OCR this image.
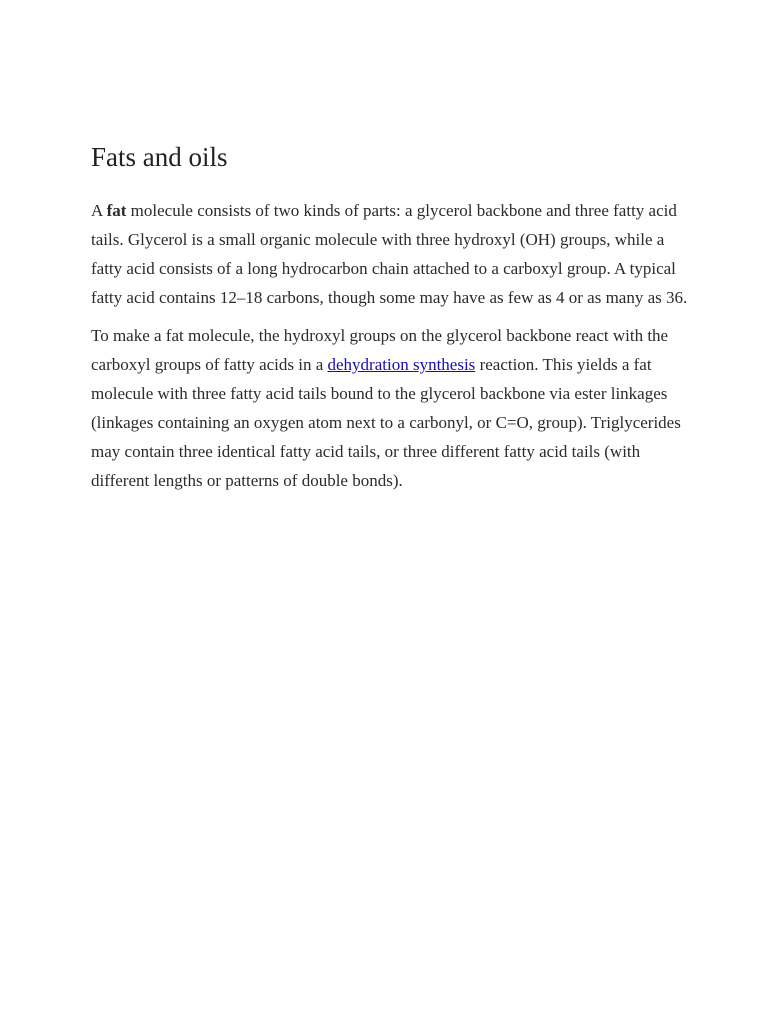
Fats and oils

A fat molecule consists of two kinds of parts: a glycerol backbone and three fatty acid tails. Glycerol is a small organic molecule with three hydroxyl (OH) groups, while a fatty acid consists of a long hydrocarbon chain attached to a carboxyl group. A typical fatty acid contains 12–18 carbons, though some may have as few as 4 or as many as 36.

To make a fat molecule, the hydroxyl groups on the glycerol backbone react with the carboxyl groups of fatty acids in a dehydration synthesis reaction. This yields a fat molecule with three fatty acid tails bound to the glycerol backbone via ester linkages (linkages containing an oxygen atom next to a carbonyl, or C=O, group). Triglycerides may contain three identical fatty acid tails, or three different fatty acid tails (with different lengths or patterns of double bonds).
